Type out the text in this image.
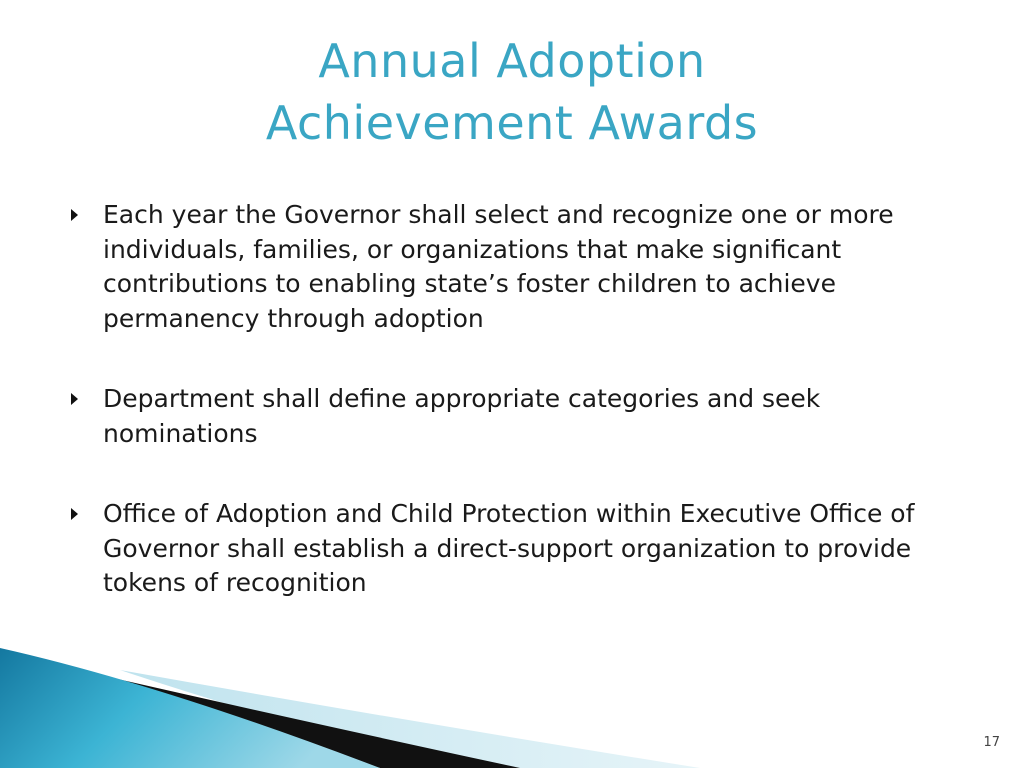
Annual Adoption
Achievement Awards
Each year the Governor shall select and recognize one or more individuals, families, or organizations that make significant contributions to enabling state’s foster children to achieve permanency through adoption
Department shall define appropriate categories and seek nominations
Office of Adoption and Child Protection within Executive Office of Governor shall establish a direct-support organization to provide tokens of recognition
17
